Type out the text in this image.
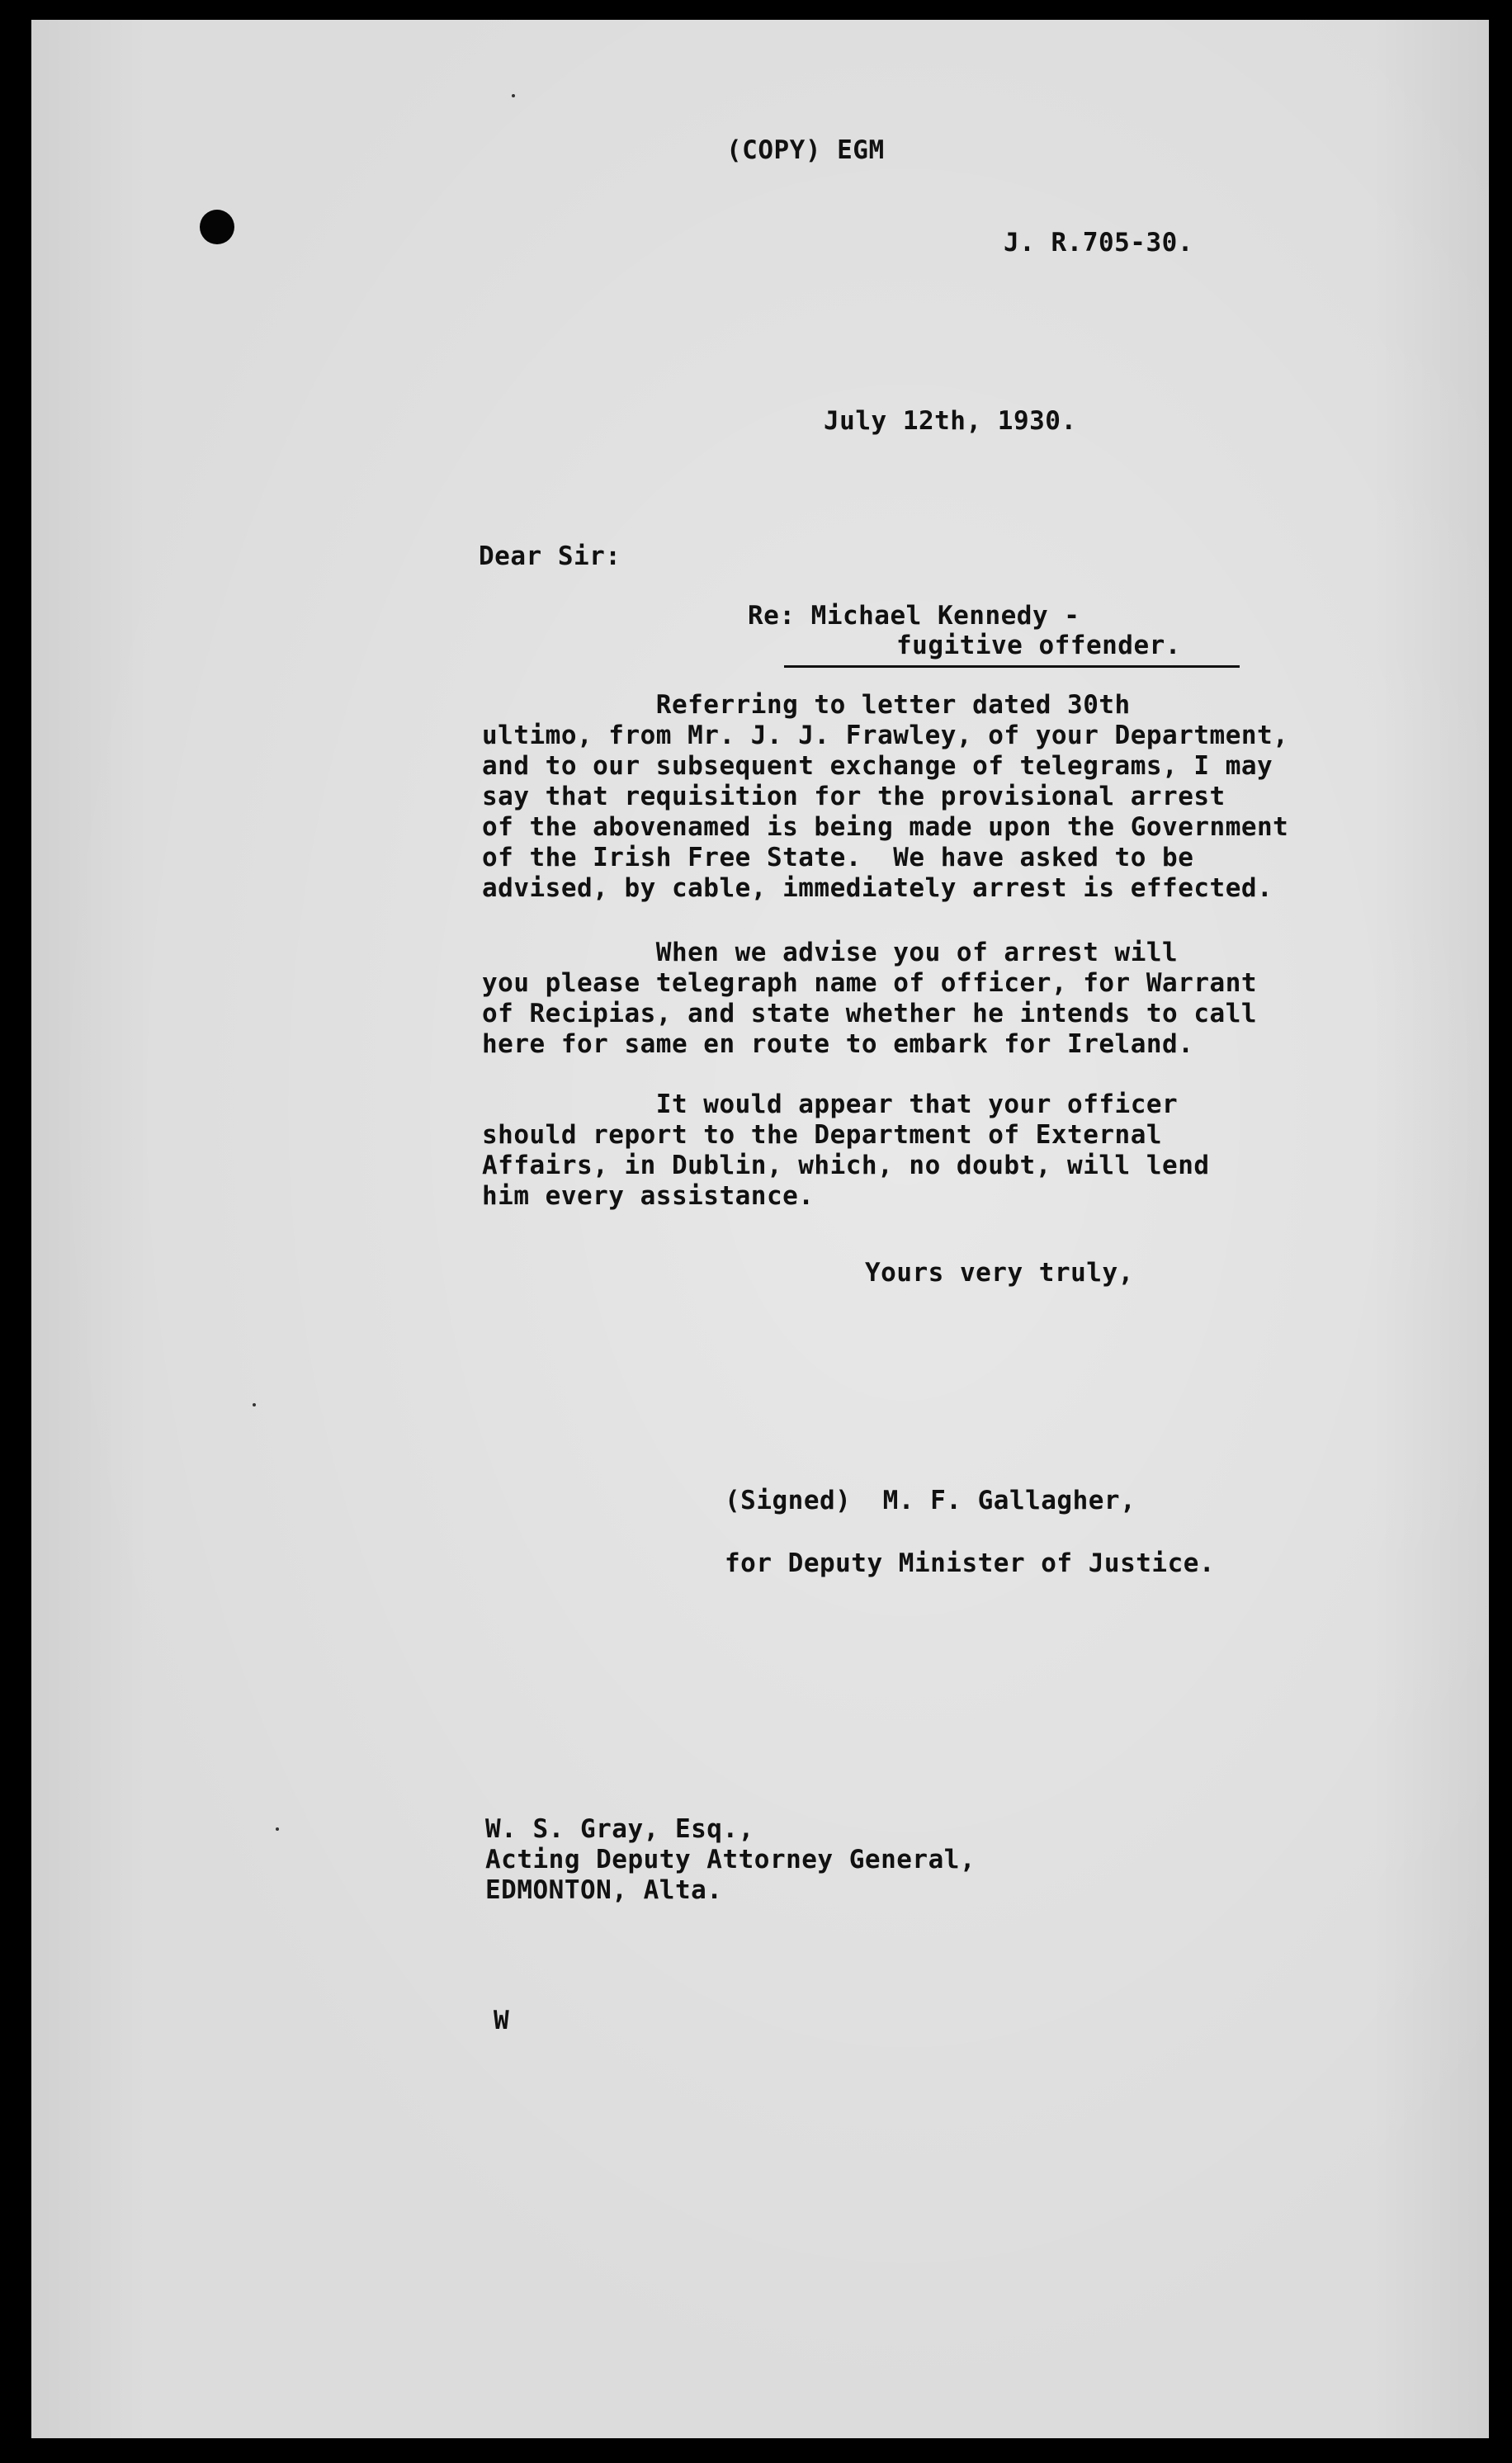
(COPY) EGM
J. R.705-30.
July 12th, 1930.
Dear Sir:
Re: Michael Kennedy -
fugitive offender.
Referring to letter dated 30th
ultimo, from Mr. J. J. Frawley, of your Department,
and to our subsequent exchange of telegrams, I may
say that requisition for the provisional arrest
of the abovenamed is being made upon the Government
of the Irish Free State.  We have asked to be
advised, by cable, immediately arrest is effected.
When we advise you of arrest will
you please telegraph name of officer, for Warrant
of Recipias, and state whether he intends to call
here for same en route to embark for Ireland.
It would appear that your officer
should report to the Department of External
Affairs, in Dublin, which, no doubt, will lend
him every assistance.
Yours very truly,
(Signed)  M. F. Gallagher,
for Deputy Minister of Justice.
W. S. Gray, Esq.,
Acting Deputy Attorney General,
EDMONTON, Alta.
W
